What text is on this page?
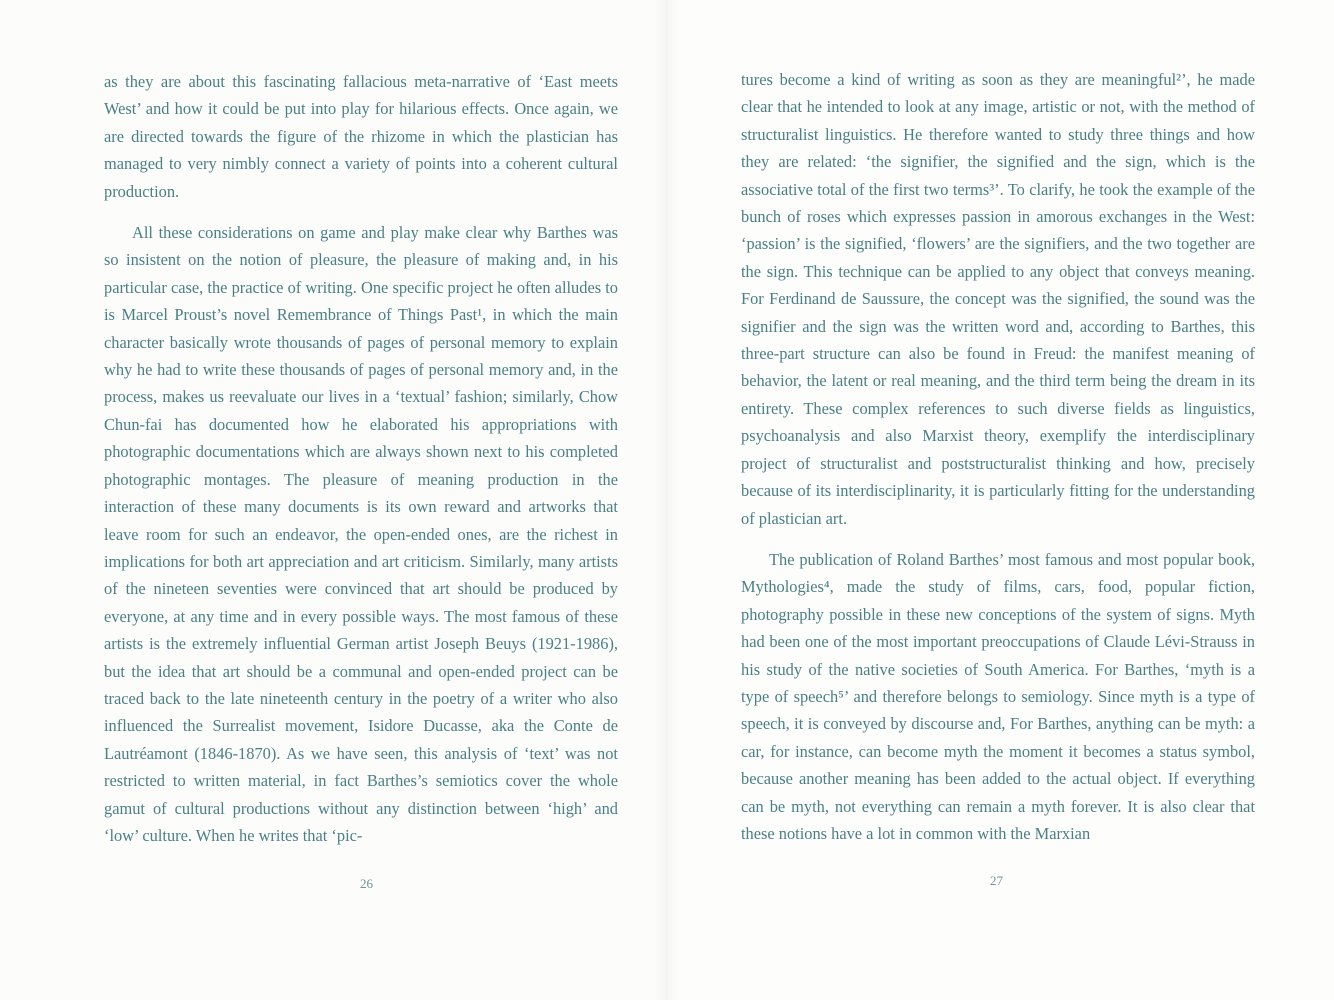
as they are about this fascinating fallacious meta-narrative of ‘East meets West’ and how it could be put into play for hilarious effects. Once again, we are directed towards the figure of the rhizome in which the plastician has managed to very nimbly connect a variety of points into a coherent cultural production.

All these considerations on game and play make clear why Barthes was so insistent on the notion of pleasure, the pleasure of making and, in his particular case, the practice of writing. One specific project he often alludes to is Marcel Proust’s novel Remembrance of Things Past¹, in which the main character basically wrote thousands of pages of personal memory to explain why he had to write these thousands of pages of personal memory and, in the process, makes us reevaluate our lives in a ‘textual’ fashion; similarly, Chow Chun-fai has documented how he elaborated his appropriations with photographic documentations which are always shown next to his completed photographic montages. The pleasure of meaning production in the interaction of these many documents is its own reward and artworks that leave room for such an endeavor, the open-ended ones, are the richest in implications for both art appreciation and art criticism. Similarly, many artists of the nineteen seventies were convinced that art should be produced by everyone, at any time and in every possible ways. The most famous of these artists is the extremely influential German artist Joseph Beuys (1921-1986), but the idea that art should be a communal and open-ended project can be traced back to the late nineteenth century in the poetry of a writer who also influenced the Surrealist movement, Isidore Ducasse, aka the Conte de Lautréamont (1846-1870). As we have seen, this analysis of ‘text’ was not restricted to written material, in fact Barthes’s semiotics cover the whole gamut of cultural productions without any distinction between ‘high’ and ‘low’ culture. When he writes that ‘pic-

26

tures become a kind of writing as soon as they are meaningful²’, he made clear that he intended to look at any image, artistic or not, with the method of structuralist linguistics. He therefore wanted to study three things and how they are related: ‘the signifier, the signified and the sign, which is the associative total of the first two terms³’. To clarify, he took the example of the bunch of roses which expresses passion in amorous exchanges in the West: ‘passion’ is the signified, ‘flowers’ are the signifiers, and the two together are the sign. This technique can be applied to any object that conveys meaning. For Ferdinand de Saussure, the concept was the signified, the sound was the signifier and the sign was the written word and, according to Barthes, this three-part structure can also be found in Freud: the manifest meaning of behavior, the latent or real meaning, and the third term being the dream in its entirety. These complex references to such diverse fields as linguistics, psychoanalysis and also Marxist theory, exemplify the interdisciplinary project of structuralist and poststructuralist thinking and how, precisely because of its interdisciplinarity, it is particularly fitting for the understanding of plastician art.

The publication of Roland Barthes’ most famous and most popular book, Mythologies⁴, made the study of films, cars, food, popular fiction, photography possible in these new conceptions of the system of signs. Myth had been one of the most important preoccupations of Claude Lévi-Strauss in his study of the native societies of South America. For Barthes, ‘myth is a type of speech⁵’ and therefore belongs to semiology. Since myth is a type of speech, it is conveyed by discourse and, For Barthes, anything can be myth: a car, for instance, can become myth the moment it becomes a status symbol, because another meaning has been added to the actual object. If everything can be myth, not everything can remain a myth forever. It is also clear that these notions have a lot in common with the Marxian

27
